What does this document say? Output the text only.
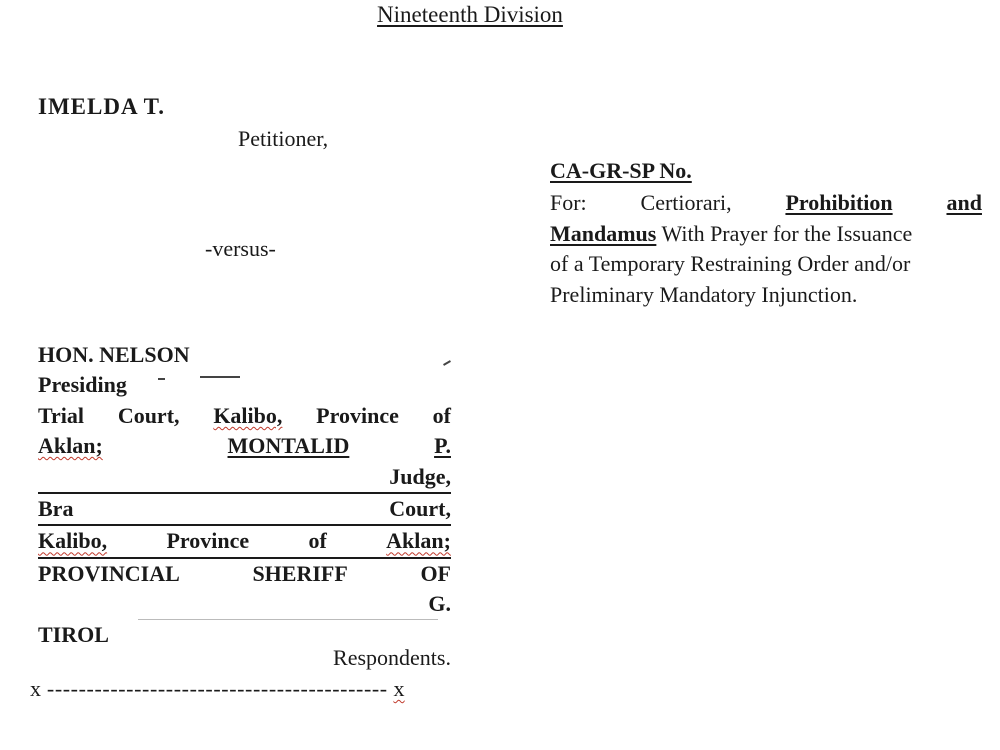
Nineteenth Division
IMELDA T.
Petitioner,
-versus-
CA-GR-SP No.
For: Certiorari, Prohibition and
Mandamus With Prayer for the Issuance
of a Temporary Restraining Order and/or
Preliminary Mandatory Injunction.
HON. NELSON
Presiding
Trial Court, Kalibo, Province of
Aklan;	MONTALID	P.
Judge,
Bra	Court,
Kalibo,	Province	of	Aklan;
PROVINCIAL	SHERIFF	OF
G.
TIROL
Respondents.
x ------------------------------------------- x
